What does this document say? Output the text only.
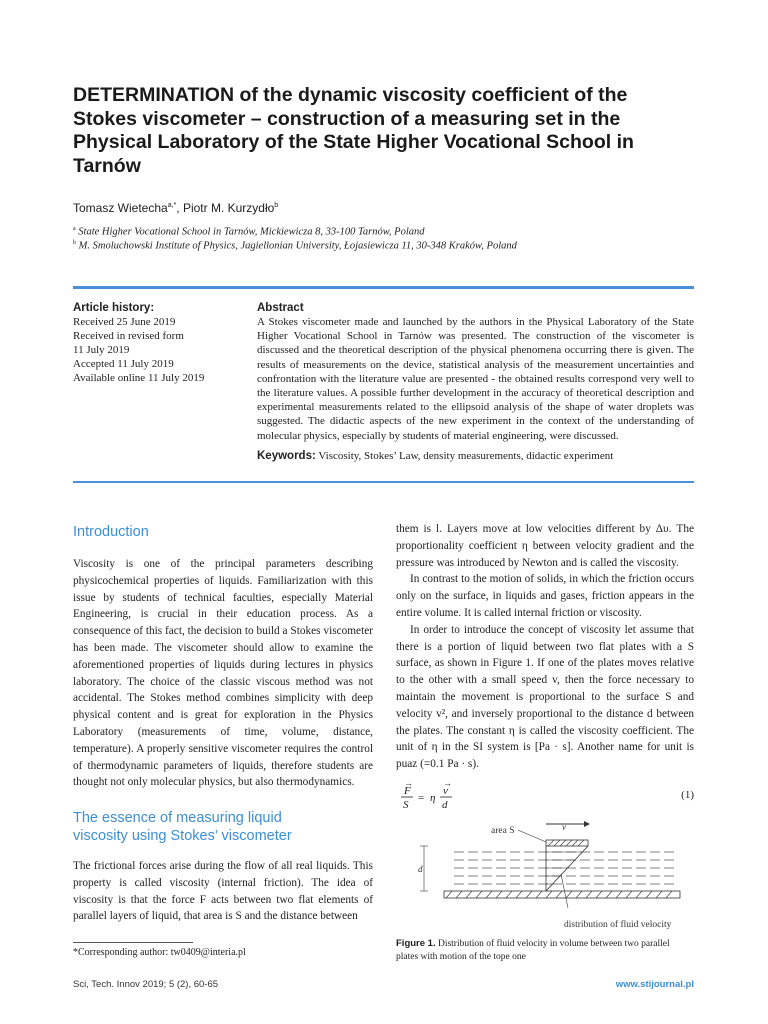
DETERMINATION of the dynamic viscosity coefficient of the Stokes viscometer – construction of a measuring set in the Physical Laboratory of the State Higher Vocational School in Tarnów
Tomasz Wietecha$^{a,*}$, Piotr M. Kurzydło$^b$
$^a$ State Higher Vocational School in Tarnów, Mickiewicza 8, 33-100 Tarnów, Poland
$^b$ M. Smoluchowski Institute of Physics, Jagiellonian University, Łojasiewicza 11, 30-348 Kraków, Poland
Article history:
Received 25 June 2019
Received in revised form
11 July 2019
Accepted 11 July 2019
Available online 11 July 2019
Abstract

A Stokes viscometer made and launched by the authors in the Physical Laboratory of the State Higher Vocational School in Tarnów was presented. The construction of the viscometer is discussed and the theoretical description of the physical phenomena occurring there is given. The results of measurements on the device, statistical analysis of the measurement uncertainties and confrontation with the literature value are presented - the obtained results correspond very well to the literature values. A possible further development in the accuracy of theoretical description and experimental measurements related to the ellipsoid analysis of the shape of water droplets was suggested. The didactic aspects of the new experiment in the context of the understanding of molecular physics, especially by students of material engineering, were discussed.

Keywords: Viscosity, Stokes’ Law, density measurements, didactic experiment
Introduction

Viscosity is one of the principal parameters describing physicochemical properties of liquids. Familiarization with this issue by students of technical faculties, especially Material Engineering, is crucial in their education process. As a consequence of this fact, the decision to build a Stokes viscometer has been made. The viscometer should allow to examine the aforementioned properties of liquids during lectures in physics laboratory. The choice of the classic viscous method was not accidental. The Stokes method combines simplicity with deep physical content and is great for exploration in the Physics Laboratory (measurements of time, volume, distance, temperature). A properly sensitive viscometer requires the control of thermodynamic parameters of liquids, therefore students are thought not only molecular physics, but also thermodynamics.

The essence of measuring liquid
viscosity using Stokes’ viscometer

The frictional forces arise during the flow of all real liquids. This property is called viscosity (internal friction). The idea of viscosity is that the force F acts between two flat elements of parallel layers of liquid, that area is S and the distance between

*Corresponding author: tw0409@interia.pl

them is l. Layers move at low velocities different by Δυ. The proportionality coefficient η between velocity gradient and the pressure was introduced by Newton and is called the viscosity.

In contrast to the motion of solids, in which the friction occurs only on the surface, in liquids and gases, friction appears in the entire volume. It is called internal friction or viscosity.

In order to introduce the concept of viscosity let assume that there is a portion of liquid between two flat plates with a S surface, as shown in Figure 1. If one of the plates moves relative to the other with a small speed v, then the force necessary to maintain the movement is proportional to the surface S and velocity v², and inversely proportional to the distance d between the plates. The constant η is called the viscosity coefficient. The unit of η in the SI system is [Pa · s]. Another name for unit is puaz (=0.1 Pa · s).

F
→
S
= η
v
→
d
(1)
v
area S
d
distribution of fluid velocity
Figure 1. Distribution of fluid velocity in volume between two parallel plates with motion of the tope one
Sci, Tech. Innov 2019; 5 (2), 60-65	www.stijournal.pl
